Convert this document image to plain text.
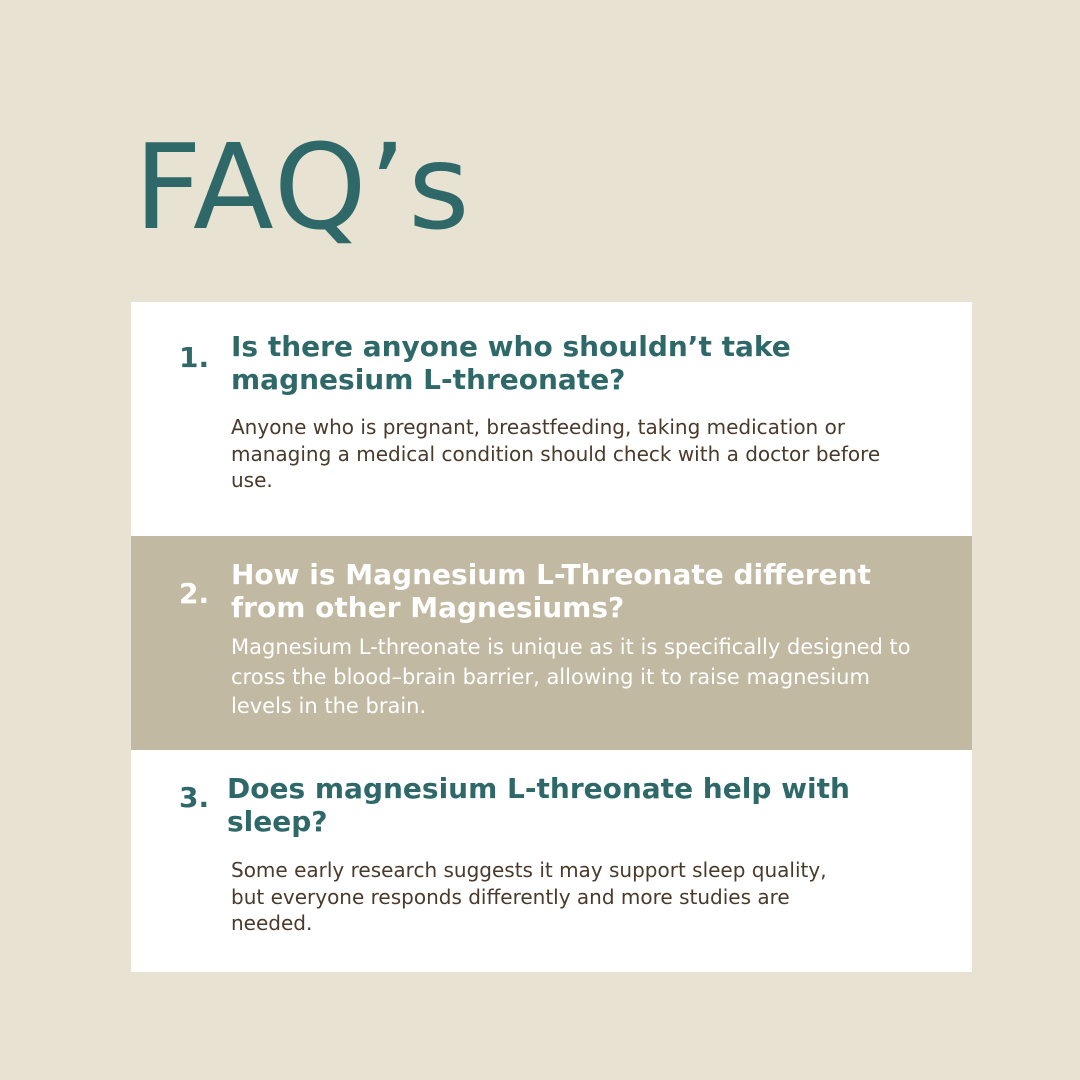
FAQ’s
1. Is there anyone who shouldn’t take magnesium L-threonate?

Anyone who is pregnant, breastfeeding, taking medication or managing a medical condition should check with a doctor before use.

2.
How is Magnesium L-Threonate different from other Magnesiums?

Magnesium L-threonate is unique as it is specifically designed to cross the blood–brain barrier, allowing it to raise magnesium levels in the brain.

3. Does magnesium L-threonate help with sleep?

Some early research suggests it may support sleep quality, but everyone responds differently and more studies are needed.
